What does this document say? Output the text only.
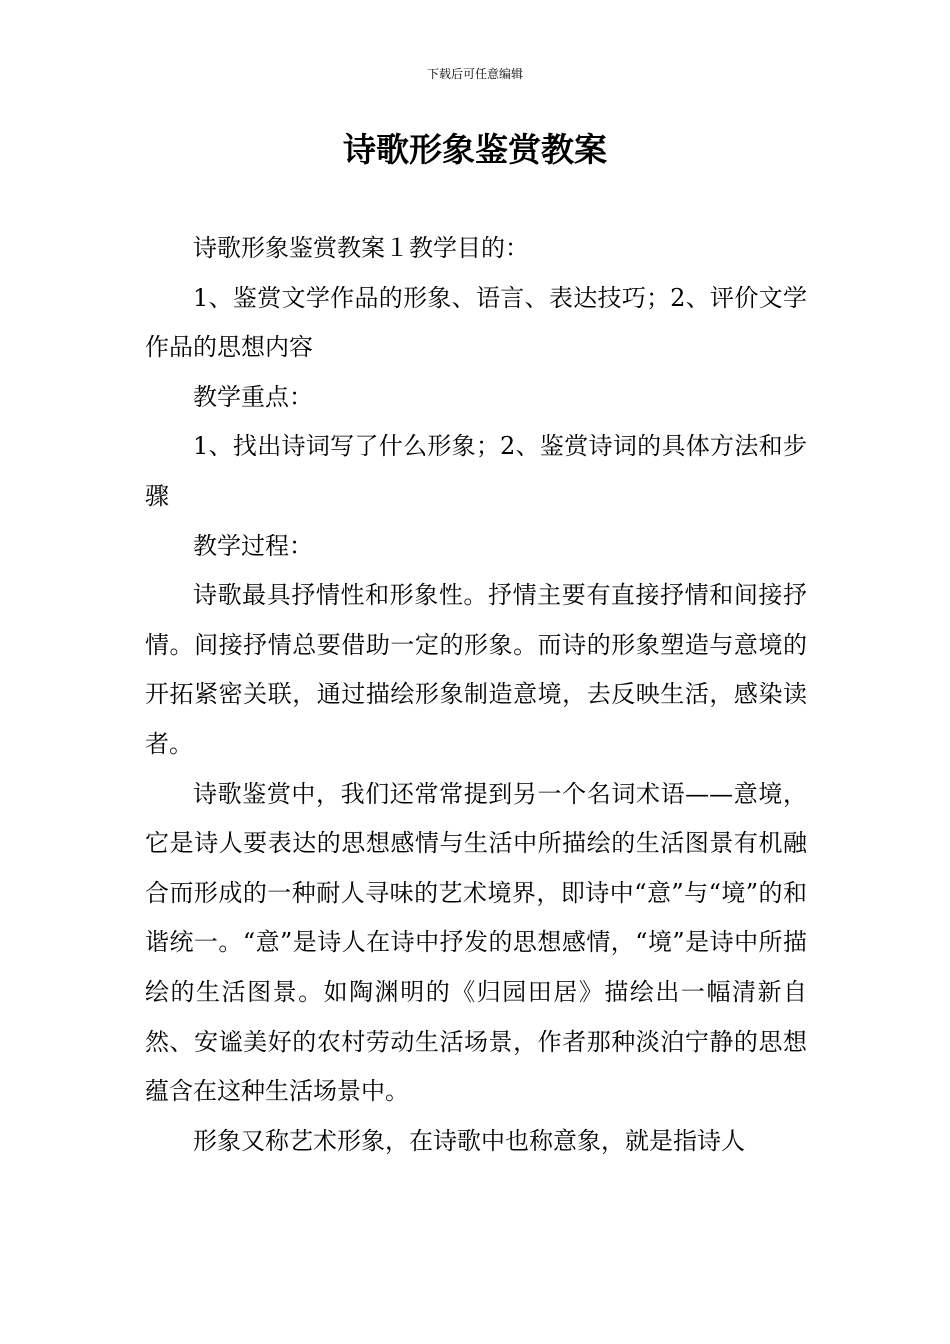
下载后可任意编辑
诗歌形象鉴赏教案

诗歌形象鉴赏教案１教学目的：

1、鉴赏文学作品的形象、语言、表达技巧；2、评价文学作品的思想内容

教学重点：

1、找出诗词写了什么形象；2、鉴赏诗词的具体方法和步骤

教学过程：

诗歌最具抒情性和形象性。抒情主要有直接抒情和间接抒情。间接抒情总要借助一定的形象。而诗的形象塑造与意境的开拓紧密关联，通过描绘形象制造意境，去反映生活，感染读者。

诗歌鉴赏中，我们还常常提到另一个名词术语——意境，它是诗人要表达的思想感情与生活中所描绘的生活图景有机融合而形成的一种耐人寻味的艺术境界，即诗中“意”与“境”的和谐统一。“意”是诗人在诗中抒发的思想感情，“境”是诗中所描绘的生活图景。如陶渊明的《归园田居》描绘出一幅清新自然、安谧美好的农村劳动生活场景，作者那种淡泊宁静的思想蕴含在这种生活场景中。

形象又称艺术形象，在诗歌中也称意象，就是指诗人
